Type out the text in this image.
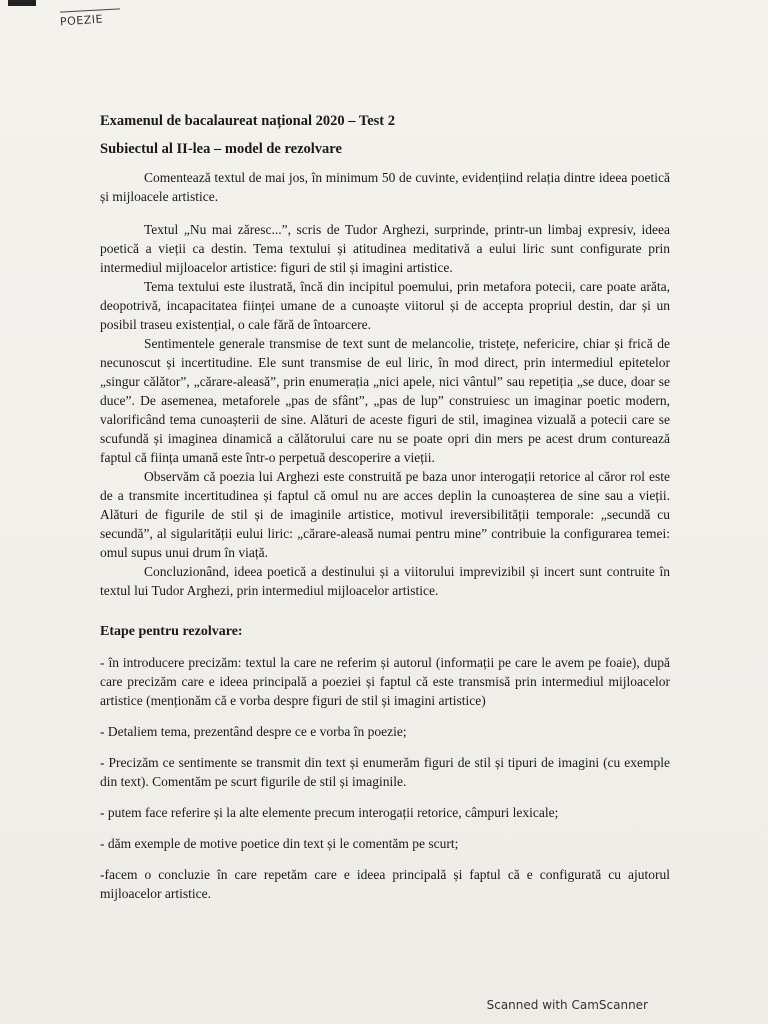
POEZIE
Examenul de bacalaureat național 2020 – Test 2
Subiectul al II-lea – model de rezolvare

Comentează textul de mai jos, în minimum 50 de cuvinte, evidențiind relația dintre ideea poetică și mijloacele artistice.

Textul „Nu mai zăresc...”, scris de Tudor Arghezi, surprinde, printr-un limbaj expresiv, ideea poetică a vieții ca destin. Tema textului și atitudinea meditativă a eului liric sunt configurate prin intermediul mijloacelor artistice: figuri de stil și imagini artistice.

Tema textului este ilustrată, încă din incipitul poemului, prin metafora potecii, care poate arăta, deopotrivă, incapacitatea ființei umane de a cunoaște viitorul și de accepta propriul destin, dar și un posibil traseu existențial, o cale fără de întoarcere.

Sentimentele generale transmise de text sunt de melancolie, tristețe, nefericire, chiar și frică de necunoscut și incertitudine. Ele sunt transmise de eul liric, în mod direct, prin intermediul epitetelor „singur călător”, „cărare-aleasă”, prin enumerația „nici apele, nici vântul” sau repetiția „se duce, doar se duce”. De asemenea, metaforele „pas de sfânt”, „pas de lup” construiesc un imaginar poetic modern, valorificând tema cunoașterii de sine. Alături de aceste figuri de stil, imaginea vizuală a potecii care se scufundă și imaginea dinamică a călătorului care nu se poate opri din mers pe acest drum conturează faptul că ființa umană este într-o perpetuă descoperire a vieții.

Observăm că poezia lui Arghezi este construită pe baza unor interogații retorice al căror rol este de a transmite incertitudinea și faptul că omul nu are acces deplin la cunoașterea de sine sau a vieții. Alături de figurile de stil și de imaginile artistice, motivul ireversibilității temporale: „secundă cu secundă”, al sigularității eului liric: „cărare-aleasă numai pentru mine” contribuie la configurarea temei: omul supus unui drum în viață.

Concluzionând, ideea poetică a destinului și a viitorului imprevizibil și incert sunt contruite în textul lui Tudor Arghezi, prin intermediul mijloacelor artistice.

Etape pentru rezolvare:

- în introducere precizăm: textul la care ne referim și autorul (informații pe care le avem pe foaie), după care precizăm care e ideea principală a poeziei și faptul că este transmisă prin intermediul mijloacelor artistice (menționăm că e vorba despre figuri de stil și imagini artistice)

- Detaliem tema, prezentând despre ce e vorba în poezie;

- Precizăm ce sentimente se transmit din text și enumerăm figuri de stil și tipuri de imagini (cu exemple din text). Comentăm pe scurt figurile de stil și imaginile.

- putem face referire și la alte elemente precum interogații retorice, câmpuri lexicale;

- dăm exemple de motive poetice din text și le comentăm pe scurt;

-facem o concluzie în care repetăm care e ideea principală și faptul că e configurată cu ajutorul mijloacelor artistice.

Scanned with CamScanner
